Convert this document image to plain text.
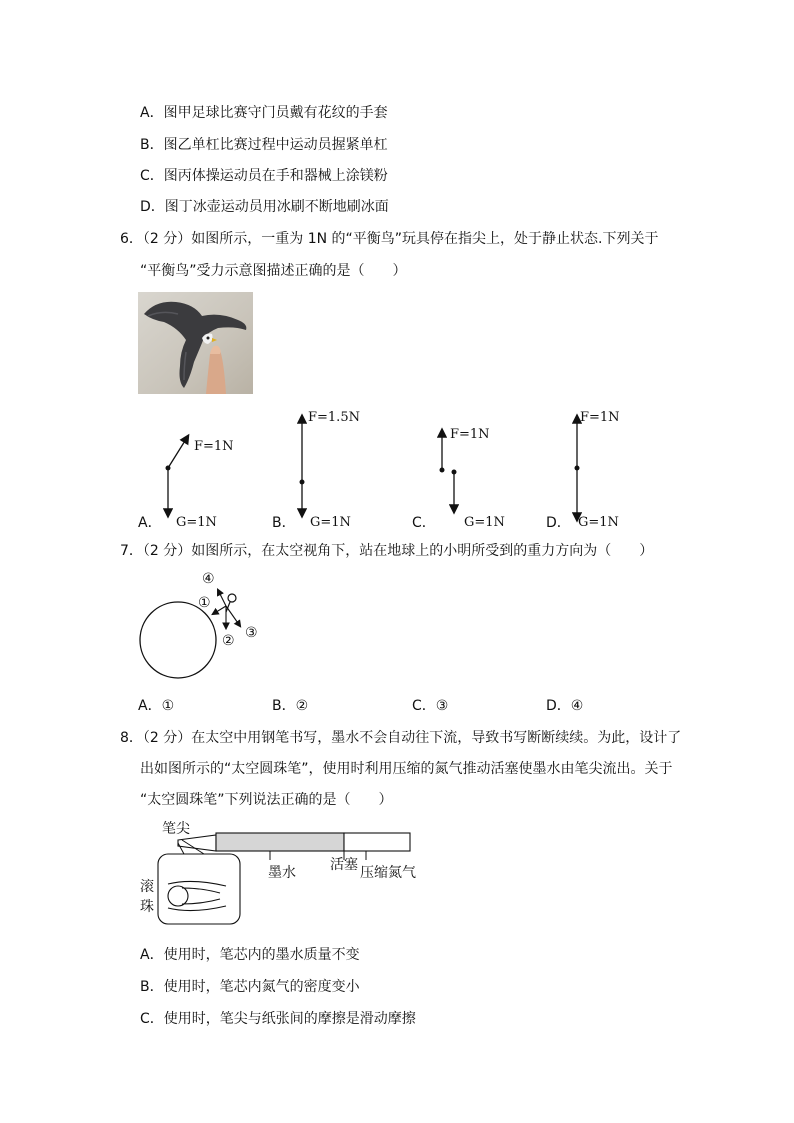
A．图甲足球比赛守门员戴有花纹的手套
B．图乙单杠比赛过程中运动员握紧单杠
C．图丙体操运动员在手和器械上涂镁粉
D．图丁冰壶运动员用冰刷不断地刷冰面
6．（2 分）如图所示，一重为 1N 的“平衡鸟”玩具停在指尖上，处于静止状态.下列关于
“平衡鸟”受力示意图描述正确的是（　　）
F=1N
A． G=1N
F=1.5N
B． G=1N
F=1N
C． G=1N
F=1N
D． G=1N
7．（2 分）如图所示，在太空视角下，站在地球上的小明所受到的重力方向为（　　）
④
①
② ③
A．①	B．②	C．③	D．④
8．（2 分）在太空中用钢笔书写，墨水不会自动往下流，导致书写断断续续。为此，设计了
出如图所示的“太空圆珠笔”，使用时利用压缩的氮气推动活塞使墨水由笔尖流出。关于
“太空圆珠笔”下列说法正确的是（　　）
笔尖
墨水 活塞 压缩氮气
滚
珠
A．使用时，笔芯内的墨水质量不变
B．使用时，笔芯内氮气的密度变小
C．使用时，笔尖与纸张间的摩擦是滑动摩擦
